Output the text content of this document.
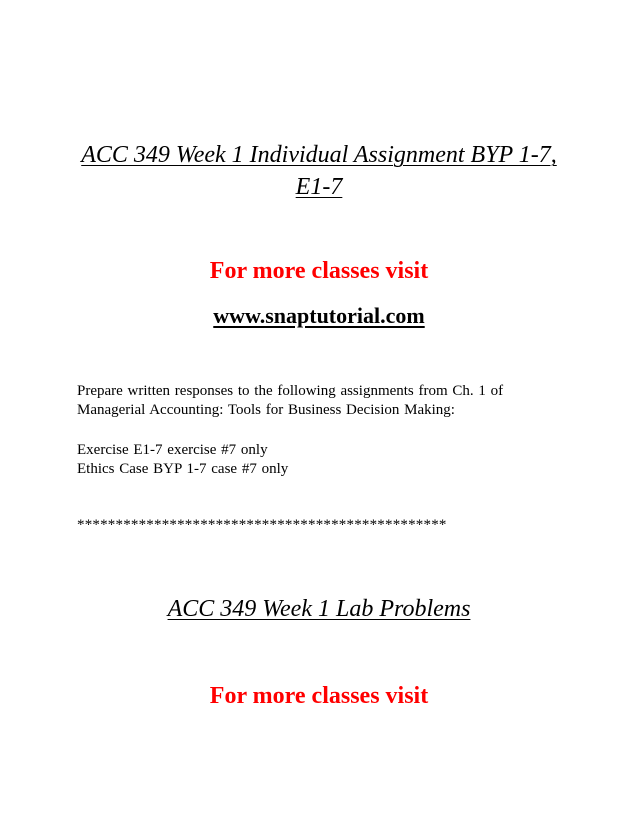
ACC 349 Week 1 Individual Assignment BYP 1-7,
E1-7
For more classes visit
www.snaptutorial.com
Prepare written responses to the following assignments from Ch. 1 of
Managerial Accounting: Tools for Business Decision Making:
Exercise E1-7 exercise #7 only
Ethics Case BYP 1-7 case #7 only
************************************************
ACC 349 Week 1 Lab Problems
For more classes visit
